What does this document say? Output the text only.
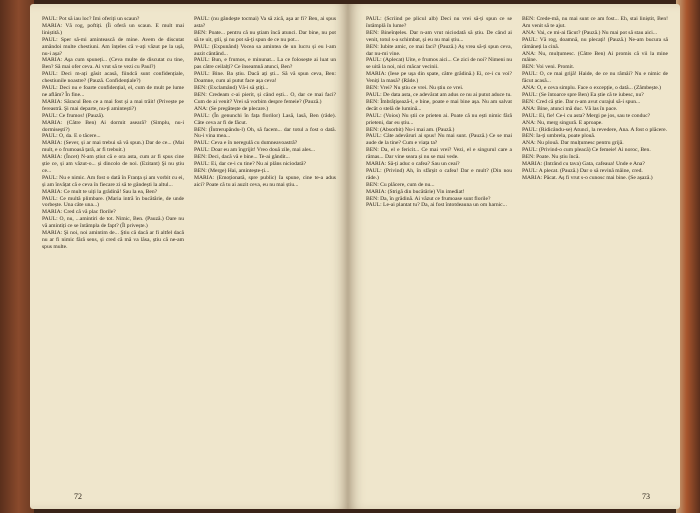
PAUL: Pot să iau loc? Îmi oferiți un scaun?

MARIA: Vă rog, poftiți. (Îi oferă un scaun. E mult mai liniștită.)

PAUL: Sper să-mi amintească de mine. Avem de discutat amândoi multe chestiuni. Am înțeles că v-ați văzut pe la ușă, nu-i așa?

MARIA: Aşa cum spuneți... (Ceva multe de discutat cu tine, Ben? Să mai ofer ceva. Ai vrut să te vezi cu Paul?)

PAUL: Deci m-ați găsit acasă, fiindcă sunt confidențiale, chestiunile noastre? (Pauză. Confidențiale?)

PAUL: Deci nu e foarte confidențial, el, cum de mult pe lume ne aflăm? În fine...

MARIA: Săracul Ben ce a mai fost și a mai trăit! (Privește pe fereastră. Şi mai departe, nu-ți amintești?)

PAUL: Ce frumos! (Pauză).

MARIA: (Către Ben) Ai dormit aseară? (Simplu, nu-i dormisești?)

PAUL: O, da. E o tăcere...

MARIA: (Sever, și ar mai trebui să vă spun.) Dar de ce... (Mai mult, e o frumoasă țară, ar fi trebuit.)

MARIA: (Încet) N-am știut că e ora asta, cum ar fi spus cine știe ce, și am văzut-o... și dincolo de noi. (Ezitant) Şi nu știu ce...

PAUL: Nu e nimic. Am fost o dată în Franța și am vorbit cu ei, și am învățat că e ceva în fiecare zi să te gândești la altul...

MARIA: Ce mult te uiți la grădină! Sau la ea, Ben?

PAUL: Ce multă plimbare. (Maria intră în bucătărie, de unde vorbește. Una câte una...)

MARIA: Cred că vă plac florile?

PAUL: O, nu, ...amintiri de tot. Nimic, Ben. (Pauză.) Oare nu vă amintiți ce se întâmpla de fapt? (Îl privește.)

MARIA: Şi noi, noi amintim de... Ştiu că dacă ar fi altfel dacă nu ar fi nimic fără sens, și cred că mă va lăsa, știu că ne-am spus multe.

PAUL: (nu gândeşte tocmai) Va să zică, aşa ar fi? Ben, ai spus asta?

BEN: Poate... pentru că nu ştiam încă atunci. Dar bine, nu pot să te uit, ştii, și nu pot să-ţi spun de ce nu pot...

PAUL: (Expunând) Vocea sa amintea de un lucru și eu l-am auzit cântând...

PAUL: Bun, e frumos, e minunat... La ce folosește ai luat un pas către ceilalți? Ce înseamnă atunci, Ben?

PAUL: Bine. Ba știu. Dacă ați ști... Să vă spun ceva, Ben: Doamne, cum ai putut face așa ceva!

BEN: (Exclamând) Vă-i să știți...

BEN: Credeam c-ai pierit, și când ești... O, dar ce mai faci? Cum de ai venit? Vrei să vorbim despre femeie? (Pauză.)

ANA: (Se pregătește de plecare.)

PAUL: (În genunchi în fața florilor) Lasă, lasă, Ben (râde). Câte ceva ar fi de făcut.

BEN: (Întrerupându-l) Oh, să facem... dar totul a fost o dată. Nu-i vina mea...

PAUL: Ceva e în neregulă cu dumneavoastră?

PAUL: Doar eu am îngrijit! Vreo două zile, mai ales...

BEN: Deci, dacă vă e bine... Te-ai gândit...

PAUL: Ei, dar ce-i cu tine? Nu ai plâns niciodată?

BEN: (Merge) Hai, amintește-ți...

MARIA: (Emoționată, spre public) Ia spune, cine te-a adus aici? Poate că tu ai auzit ceva, eu nu mai știu...

72

PAUL: (Scriind pe plicul alb) Deci nu vrei să-ți spun ce se întâmplă în lume?

BEN: Bineînțeles. Dar n-am vrut niciodată să știu. De când ai venit, totul s-a schimbat, și eu nu mai știu...

BEN: Iubite amic, ce mai faci? (Pauză.) Aș vrea să-ți spun ceva, dar nu-mi vine.

PAUL: (Aplecat) Uite, e frumos aici... Ce zici de noi? Nimeni nu se uită la noi, nici măcar vecinii.

MARIA: (Iese pe ușa din spate, către grădină.) Ei, ce-i cu voi? Veniți la masă? (Râde.)

BEN: Vrei? Nu știu ce vrei. Nu știu ce vrei.

PAUL: De data asta, ce adevărat am adus ce nu ai putut aduce tu.

BEN: Îmbrățișează-l, e bine, poate e mai bine așa. Nu am salvat decât o stelă de lumină...

PAUL: (Voios) Nu știi ce prieten ai. Poate că nu ești nimic fără prieteni, dar eu știu...

BEN: (Absorbit) Nu-i mai am. (Pauză.)

PAUL: Câte adevăruri ai spus! Nu mai sunt. (Pauză.) Ce se mai aude de la tine? Cum e viața ta?

BEN: Da, el e fericit... Ce mai vrei? Vezi, el e singurul care a rămas... Dar vine seara și nu se mai vede.

MARIA: Să-ți aduc o cafea? Sau un ceai?

PAUL: (Privind) Ah, în sfârșit o cafea! Dar e mult? (Din nou râde.)

BEN: Cu plăcere, cum de nu...

MARIA: (Strigă din bucătărie) Vin imediat!

BEN: Da, în grădină. Ai văzut ce frumoase sunt florile?

PAUL: Le-ai plantat tu? Da, ai fost întotdeauna un om harnic...

BEN: Crede-mă, nu mai sunt ce am fost... Eh, stai liniștit, Ben! Am venit să te ajut.

ANA: Vai, ce mi-ai făcut? (Pauză.) Nu mai pot să stau aici...

PAUL: Vă rog, doamnă, nu plecați! (Pauză.) Ne-am bucura să rămâneți la cină.

ANA: Nu, mulțumesc. (Către Ben) Ai promis că vii la mine mâine.

BEN: Voi veni. Promit.

PAUL: O, ce mai grijă! Haide, de ce nu rămâi? Nu e nimic de făcut acasă...

ANA: O, e ceva simplu. Face o excepție, o dată... (Zâmbește.)

PAUL: (Se întoarce spre Ben) Ea știe că te iubesc, nu?

BEN: Cred că știe. Dar n-am avut curajul să-i spun...

ANA: Bine, atunci mă duc. Vă las în pace.

PAUL: Ei, fie! Ce-i cu asta? Mergi pe jos, sau te conduc?

ANA: Nu, merg singură. E aproape.

PAUL: (Ridicându-se) Atunci, la revedere, Ana. A fost o plăcere.

BEN: Ia-ți umbrela, poate plouă.

ANA: Nu plouă. Dar mulțumesc pentru grijă.

PAUL: (Privind-o cum pleacă) Ce femeie! Ai noroc, Ben.

BEN: Poate. Nu știu încă.

MARIA: (Intrând cu tava) Gata, cafeaua! Unde e Ana?

PAUL: A plecat. (Pauză.) Dar o să revină mâine, cred.

MARIA: Păcat. Aș fi vrut s-o cunosc mai bine. (Se așază.)

73
